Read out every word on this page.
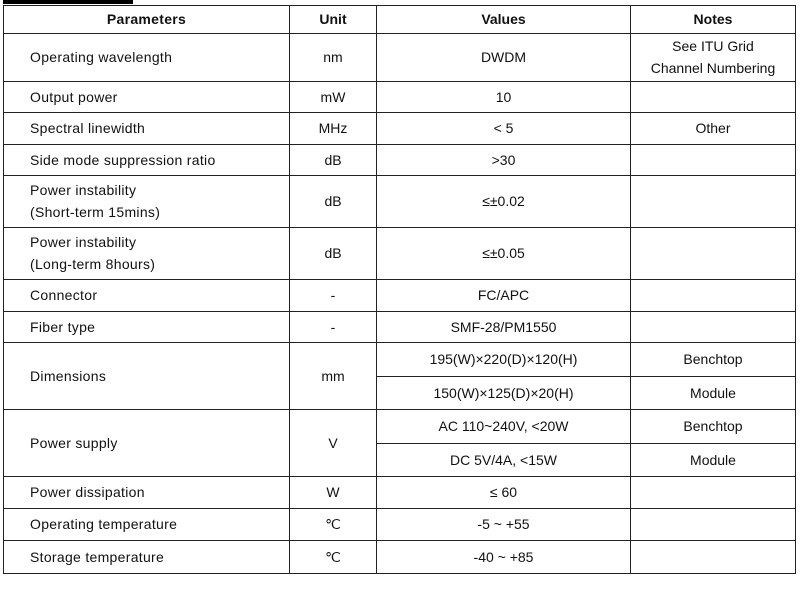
Parameters	Unit	Values	Notes

Operating wavelength	nm	DWDM	See ITU Grid
Channel Numbering

Output power	mW	10	

Spectral linewidth	MHz	< 5	Other

Side mode suppression ratio	dB	>30	

Power instability
(Short-term 15mins)	dB	≤±0.02	

Power instability
(Long-term 8hours)	dB	≤±0.05	

Connector	-	FC/APC	

Fiber type	-	SMF-28/PM1550	

Dimensions	mm	195(W)×220(D)×120(H)	Benchtop

		150(W)×125(D)×20(H)	Module

Power supply	V	AC 110~240V, <20W	Benchtop

		DC 5V/4A, <15W	Module

Power dissipation	W	≤ 60	

Operating temperature	℃	-5 ~ +55	

Storage temperature	℃	-40 ~ +85	
